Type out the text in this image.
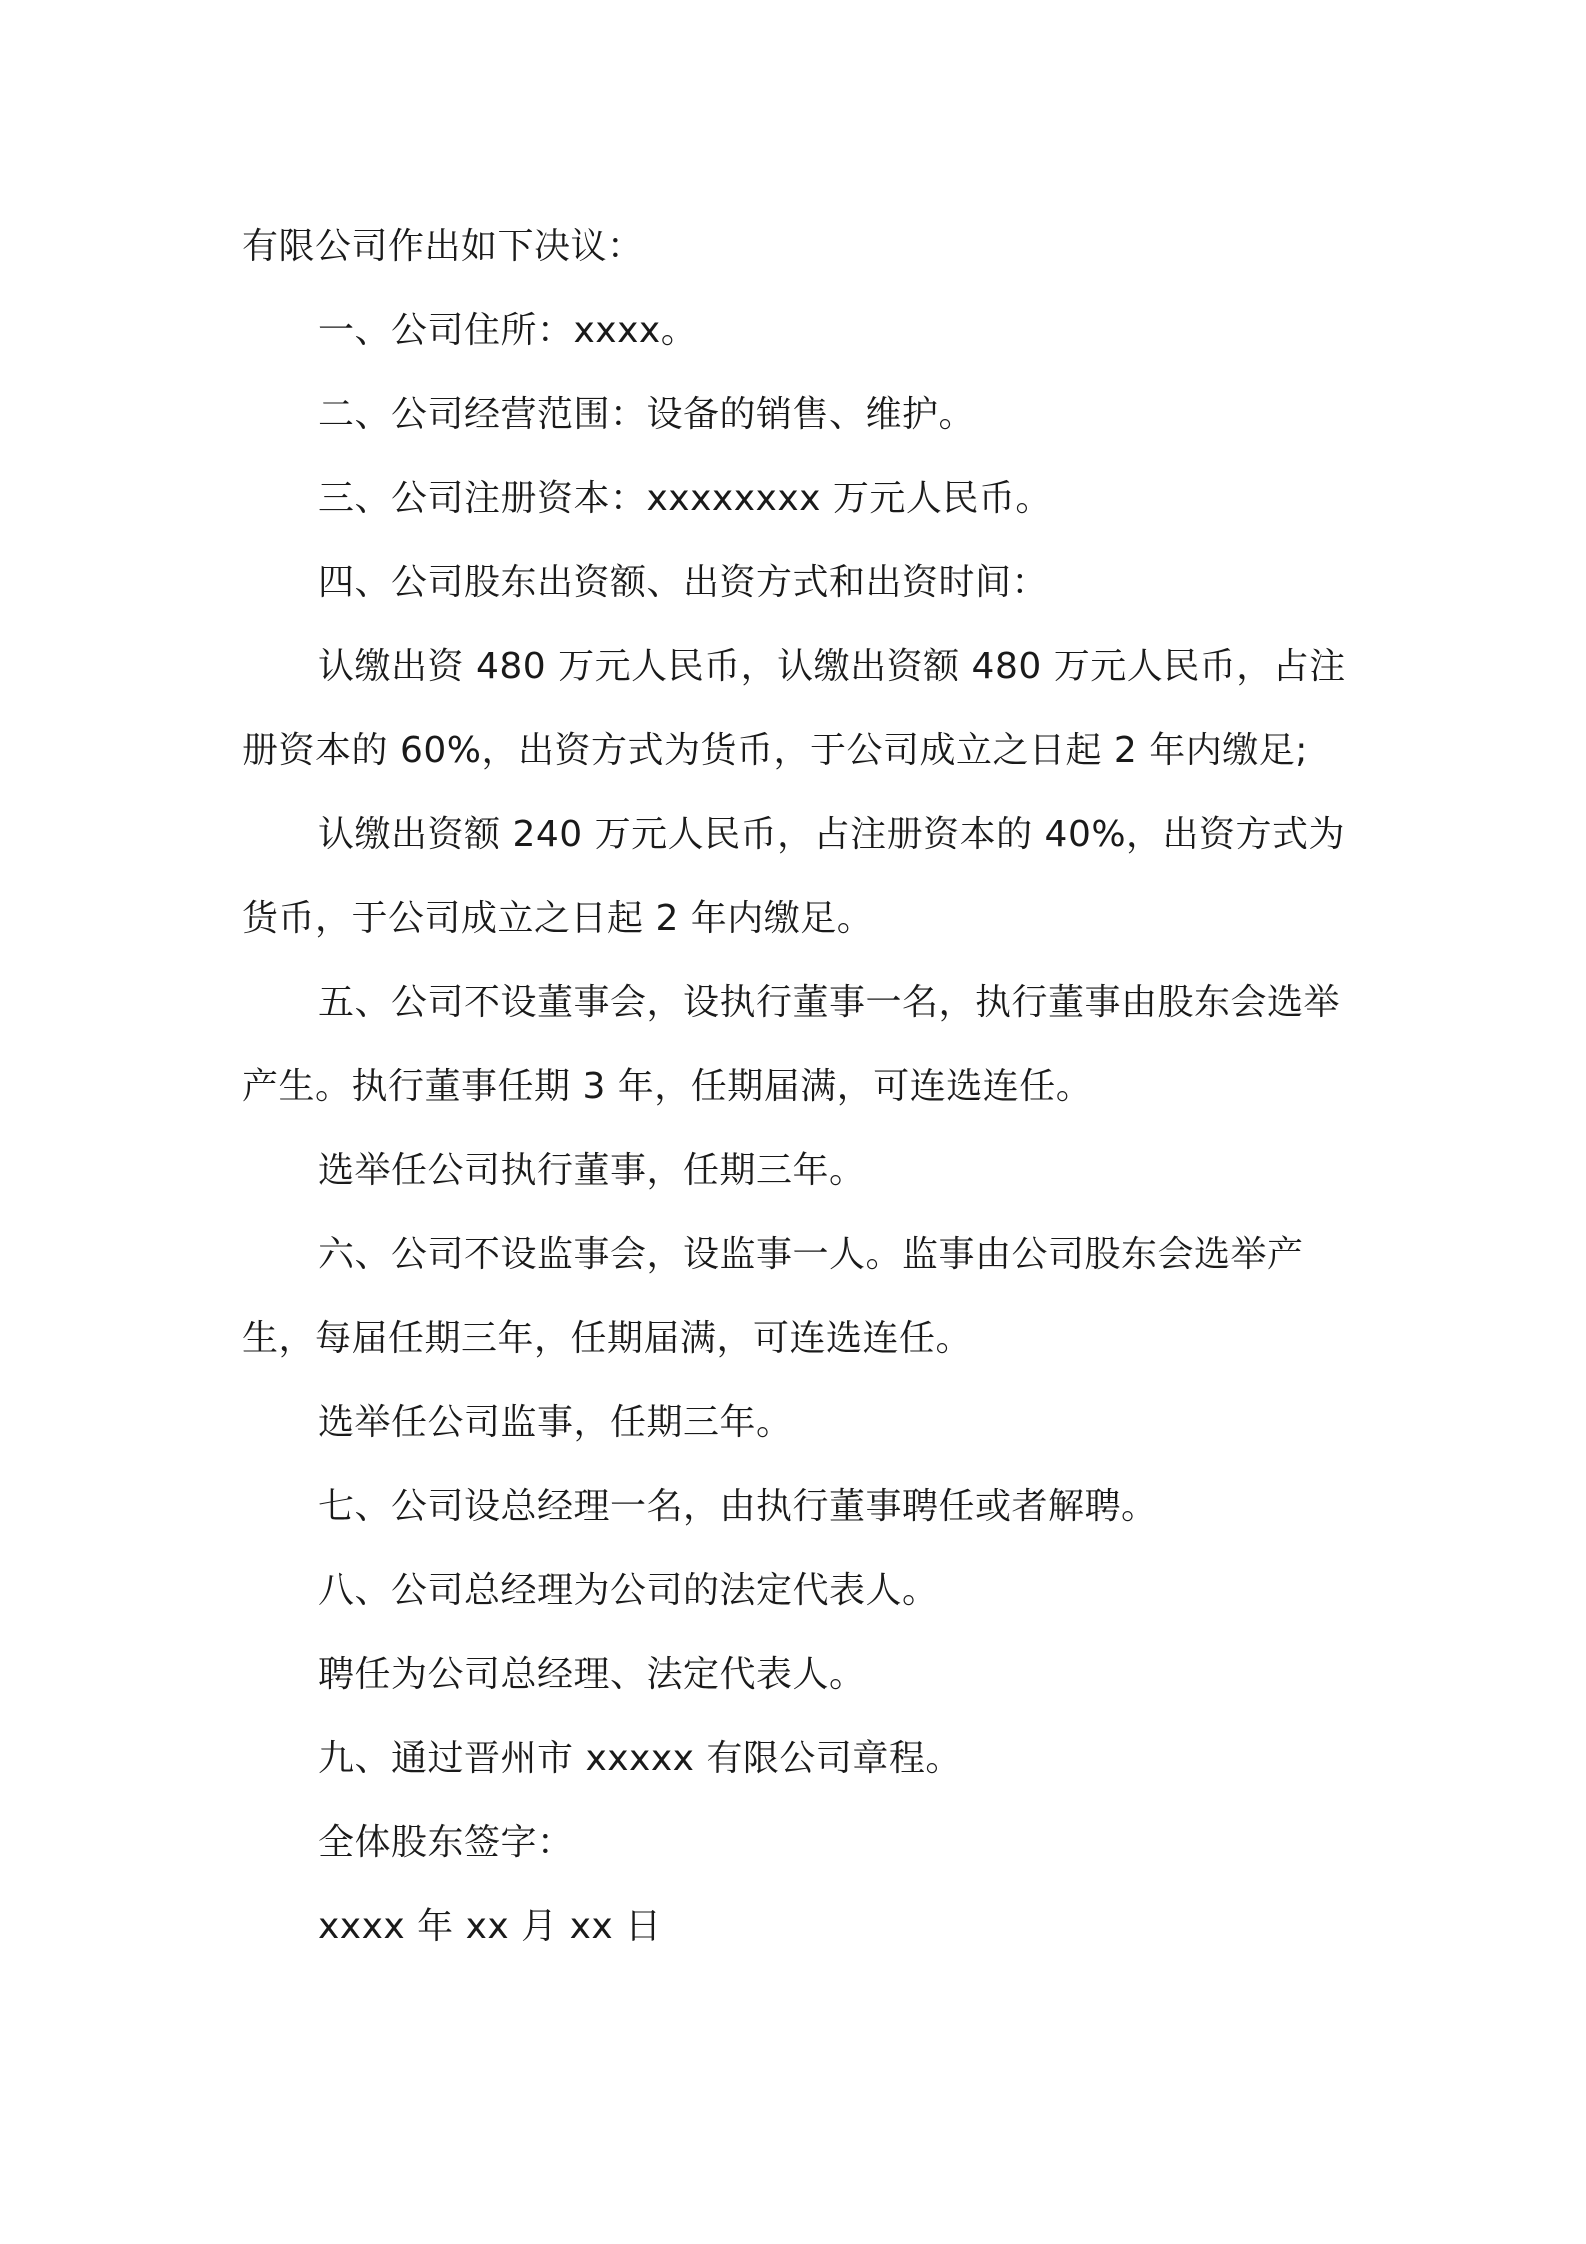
有限公司作出如下决议：

一、公司住所：xxxx。

二、公司经营范围：设备的销售、维护。

三、公司注册资本：xxxxxxxx 万元人民币。

四、公司股东出资额、出资方式和出资时间：

认缴出资 480 万元人民币，认缴出资额 480 万元人民币，占注册资本的 60%，出资方式为货币，于公司成立之日起 2 年内缴足;

认缴出资额 240 万元人民币，占注册资本的 40%，出资方式为货币，于公司成立之日起 2 年内缴足。

五、公司不设董事会，设执行董事一名，执行董事由股东会选举产生。执行董事任期 3 年，任期届满，可连选连任。

选举任公司执行董事，任期三年。

六、公司不设监事会，设监事一人。监事由公司股东会选举产生，每届任期三年，任期届满，可连选连任。

选举任公司监事，任期三年。

七、公司设总经理一名，由执行董事聘任或者解聘。

八、公司总经理为公司的法定代表人。

聘任为公司总经理、法定代表人。

九、通过晋州市 xxxxx 有限公司章程。

全体股东签字：

xxxx 年 xx 月 xx 日
